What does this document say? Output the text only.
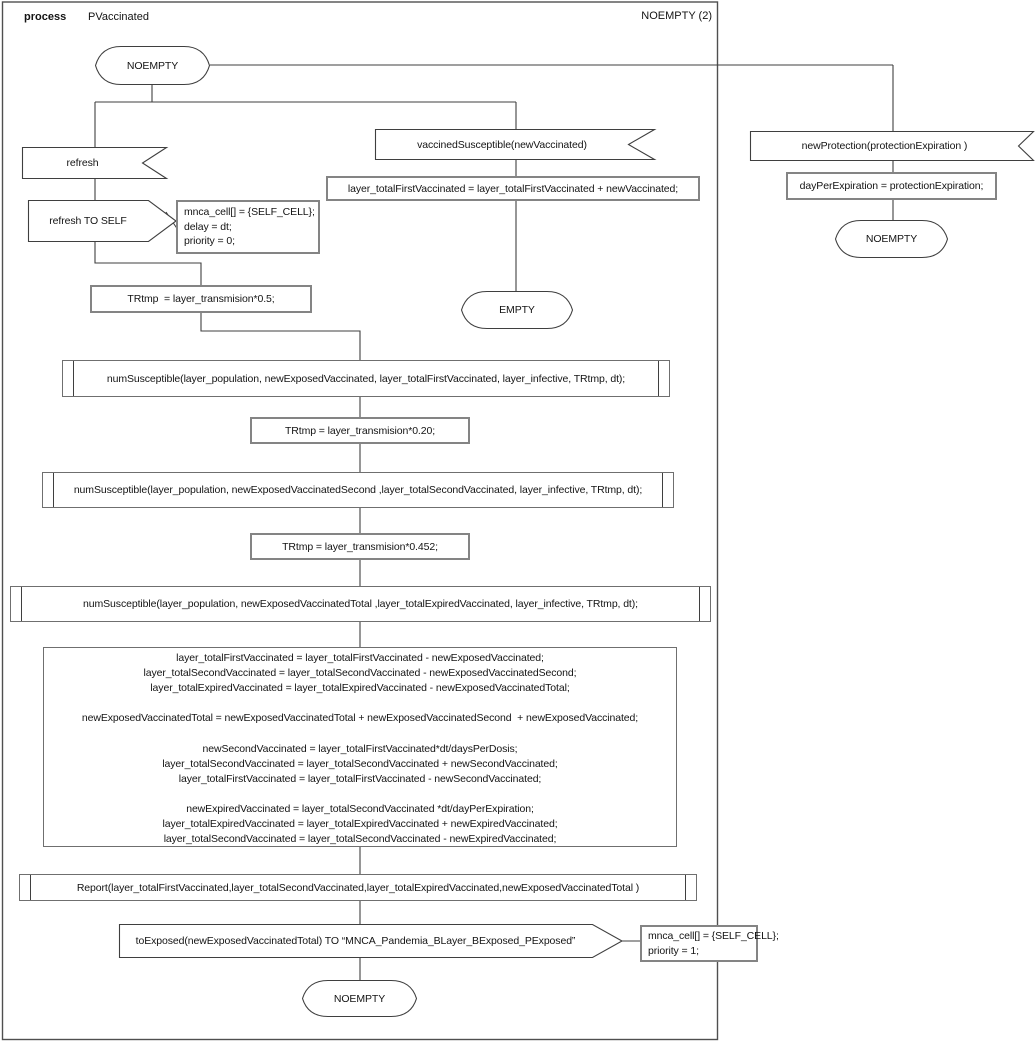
process PVaccinated	NOEMPTY (2)
NOEMPTY
EMPTY
NOEMPTY
NOEMPTY
refresh
refresh TO SELF
vaccinedSusceptible(newVaccinated)	newProtection(protectionExpiration )
toExposed(newExposedVaccinatedTotal) TO “MNCA_Pandemia_BLayer_BExposed_PExposed”
mnca_cell[] = {SELF_CELL};
delay = dt;
priority = 0;
layer_totalFirstVaccinated = layer_totalFirstVaccinated + newVaccinated;	dayPerExpiration = protectionExpiration;
TRtmp  = layer_transmision*0.5;
TRtmp = layer_transmision*0.20;
TRtmp = layer_transmision*0.452;
mnca_cell[] = {SELF_CELL};
priority = 1;
layer_totalFirstVaccinated = layer_totalFirstVaccinated - newExposedVaccinated;
layer_totalSecondVaccinated = layer_totalSecondVaccinated - newExposedVaccinatedSecond;
layer_totalExpiredVaccinated = layer_totalExpiredVaccinated - newExposedVaccinatedTotal;
newExposedVaccinatedTotal = newExposedVaccinatedTotal + newExposedVaccinatedSecond  + newExposedVaccinated;
newSecondVaccinated = layer_totalFirstVaccinated*dt/daysPerDosis;
layer_totalSecondVaccinated = layer_totalSecondVaccinated + newSecondVaccinated;
layer_totalFirstVaccinated = layer_totalFirstVaccinated - newSecondVaccinated;
newExpiredVaccinated = layer_totalSecondVaccinated *dt/dayPerExpiration;
layer_totalExpiredVaccinated = layer_totalExpiredVaccinated + newExpiredVaccinated;
layer_totalSecondVaccinated = layer_totalSecondVaccinated - newExpiredVaccinated;
numSusceptible(layer_population, newExposedVaccinated, layer_totalFirstVaccinated, layer_infective, TRtmp, dt);
numSusceptible(layer_population, newExposedVaccinatedSecond ,layer_totalSecondVaccinated, layer_infective, TRtmp, dt);
numSusceptible(layer_population, newExposedVaccinatedTotal ,layer_totalExpiredVaccinated, layer_infective, TRtmp, dt);
Report(layer_totalFirstVaccinated,layer_totalSecondVaccinated,layer_totalExpiredVaccinated,newExposedVaccinatedTotal )
